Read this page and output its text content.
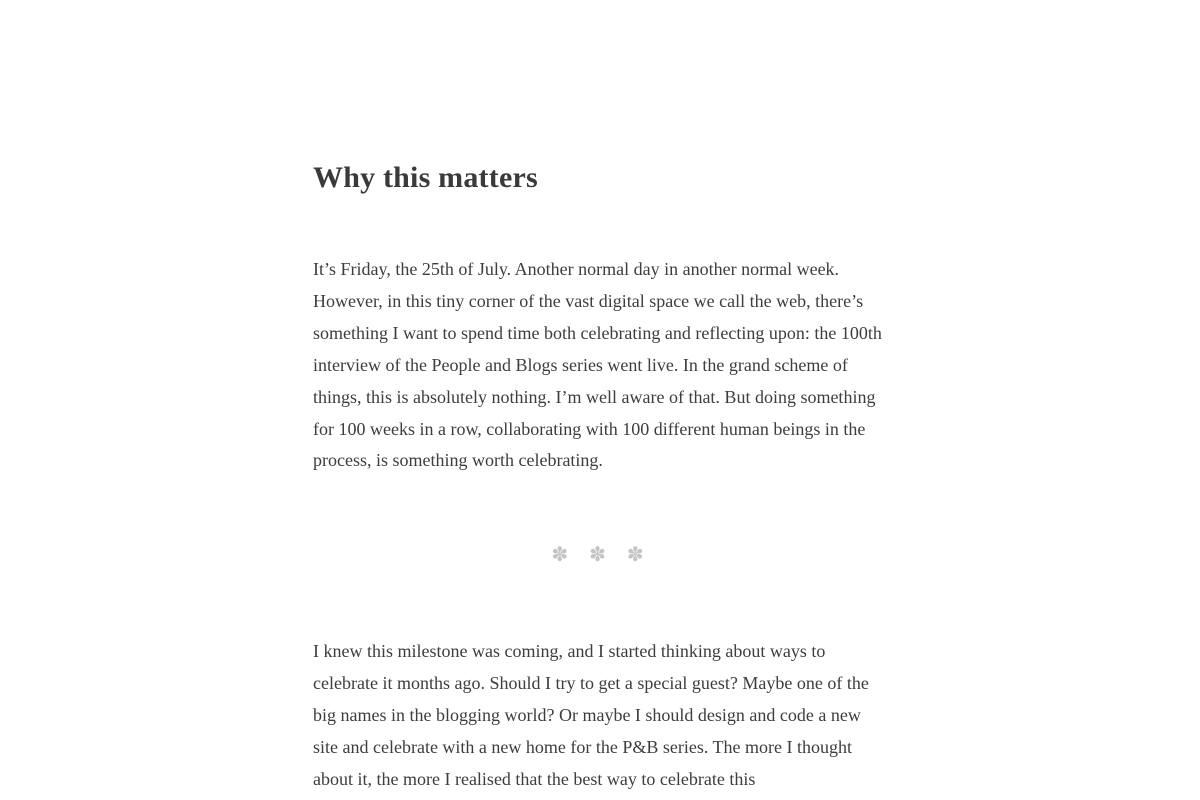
Why this matters

It’s Friday, the 25th of July. Another normal day in another normal week. However, in this tiny corner of the vast digital space we call the web, there’s something I want to spend time both celebrating and reflecting upon: the 100th interview of the People and Blogs series went live. In the grand scheme of things, this is absolutely nothing. I’m well aware of that. But doing something for 100 weeks in a row, collaborating with 100 different human beings in the process, is something worth celebrating.

✽ ✽ ✽

I knew this milestone was coming, and I started thinking about ways to celebrate it months ago. Should I try to get a special guest? Maybe one of the big names in the blogging world? Or maybe I should design and code a new site and celebrate with a new home for the P&B series. The more I thought about it, the more I realised that the best way to celebrate this
